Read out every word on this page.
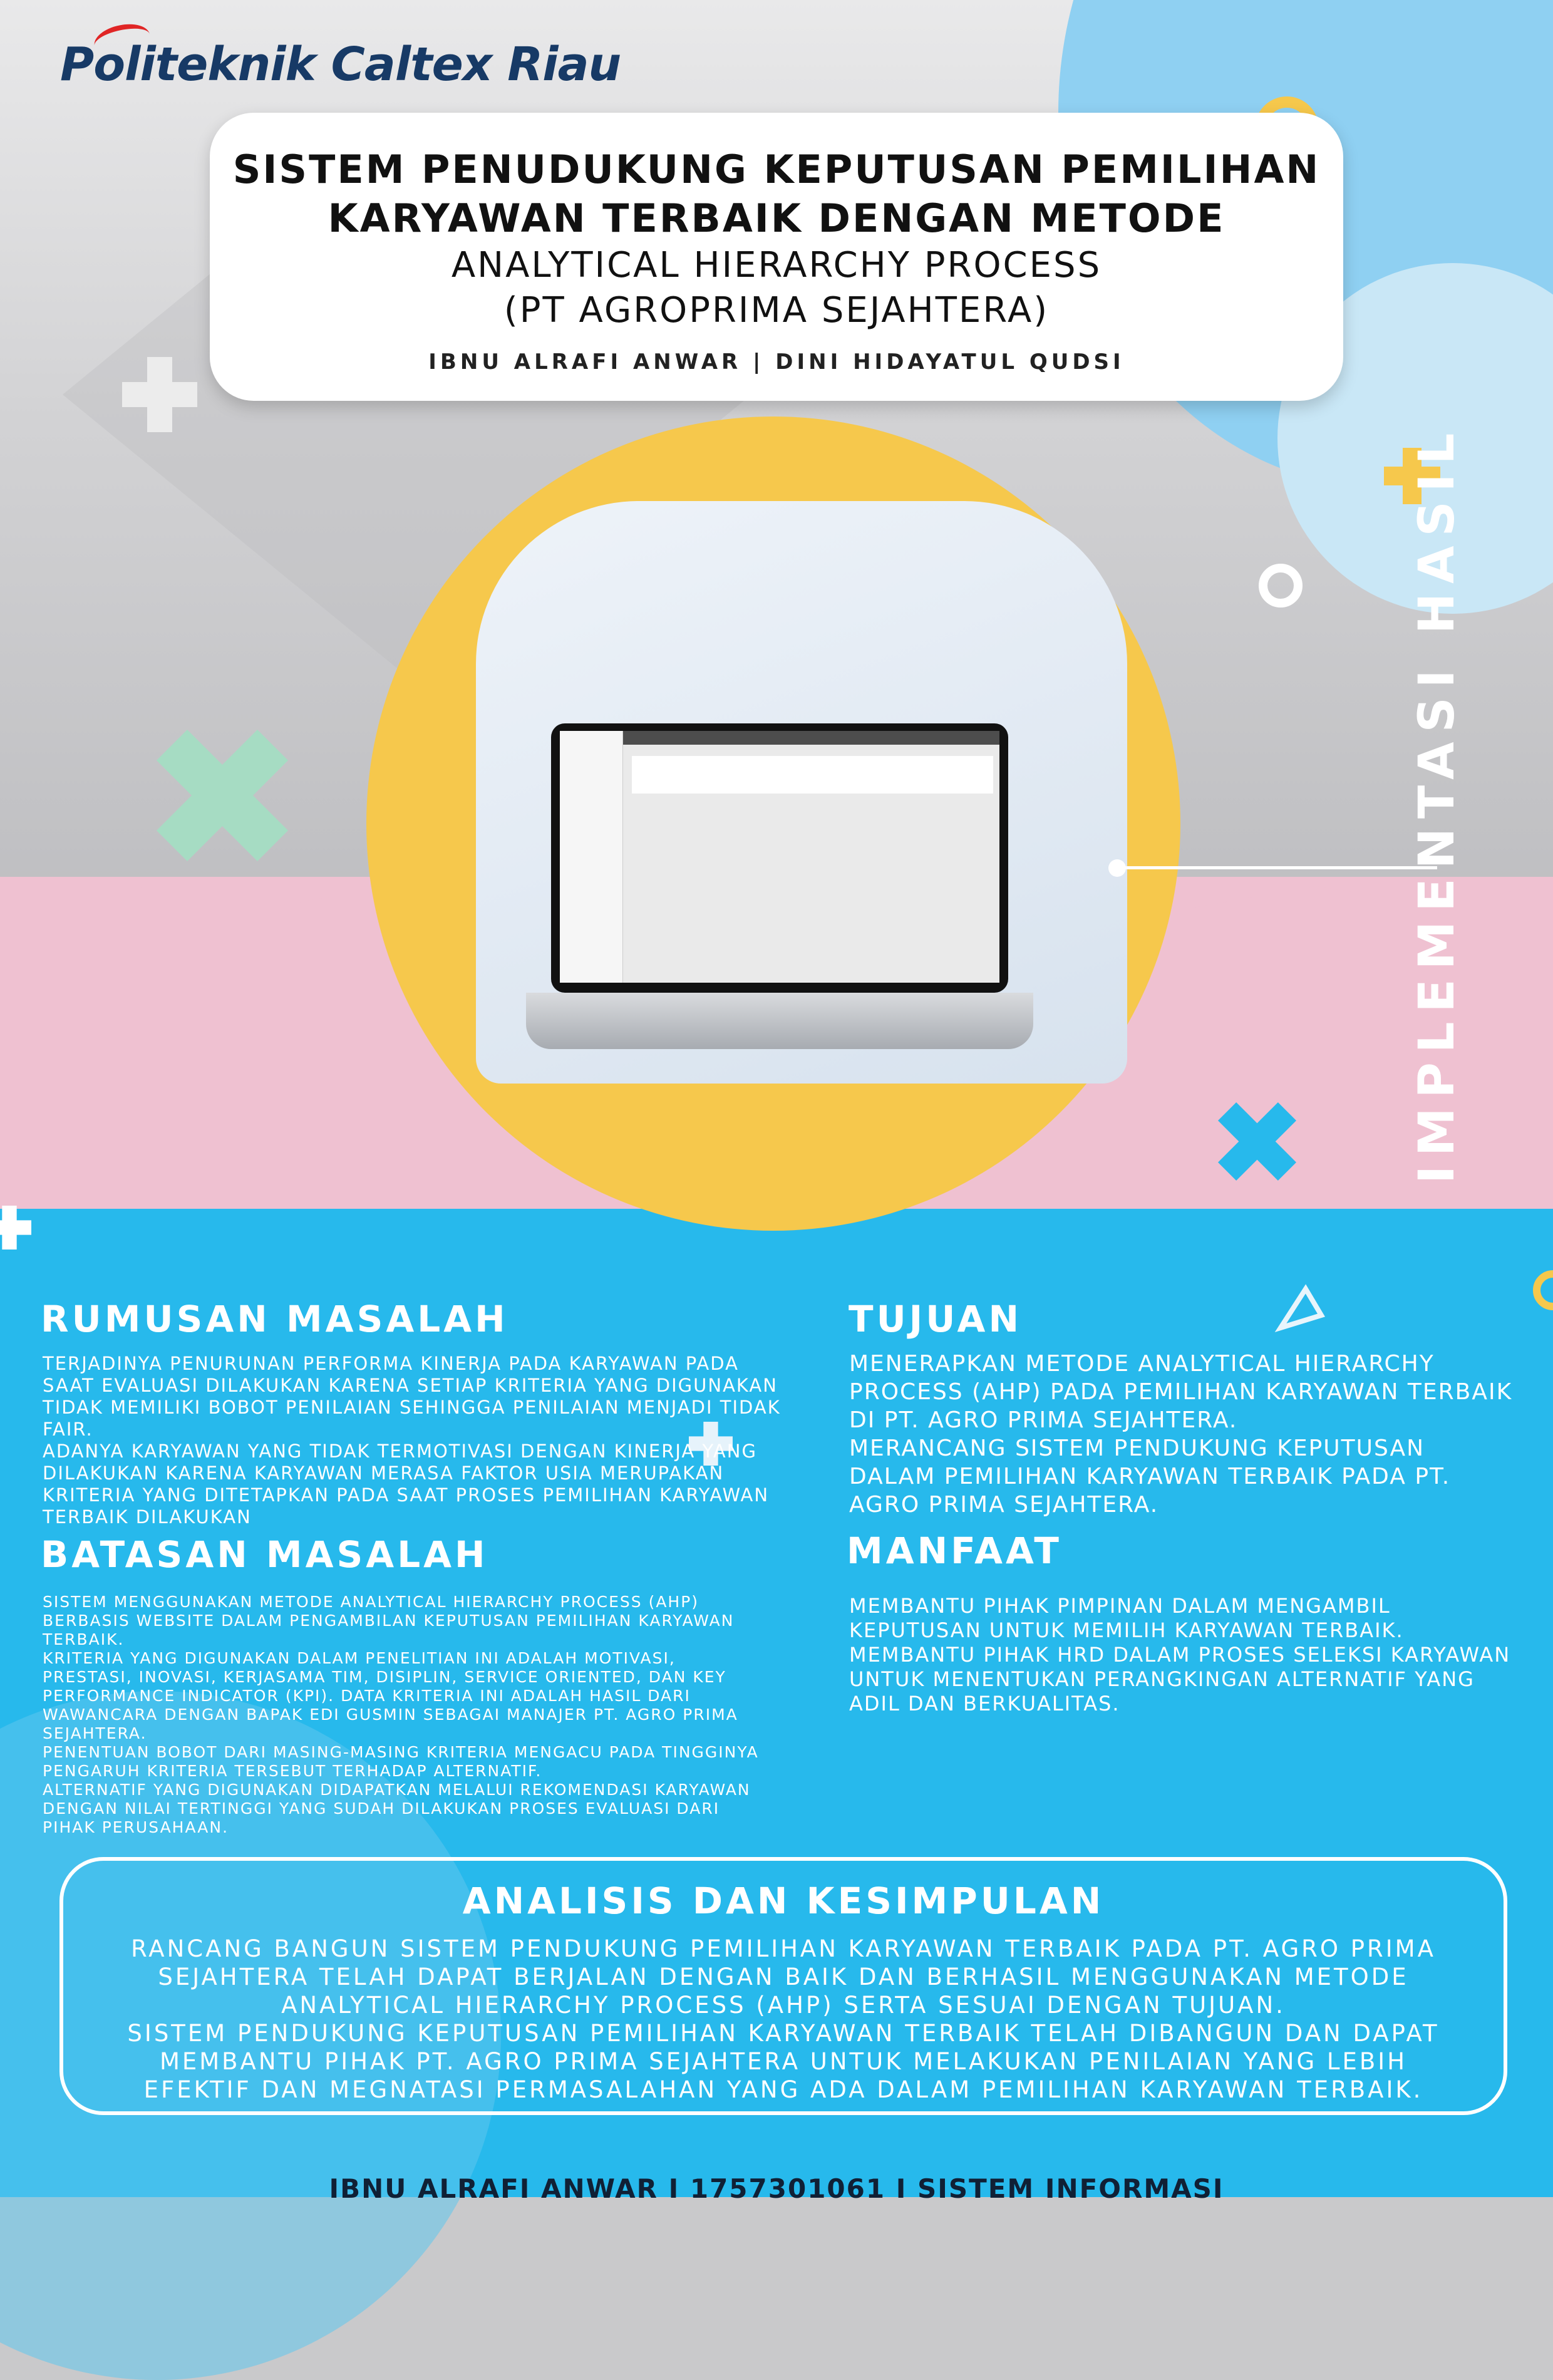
Politeknik Caltex Riau
SISTEM PENUDUKUNG KEPUTUSAN PEMILIHAN
KARYAWAN TERBAIK DENGAN METODE
ANALYTICAL HIERARCHY PROCESS
(PT AGROPRIMA SEJAHTERA)
IBNU ALRAFI ANWAR | DINI HIDAYATUL QUDSI
IMPLEMENTASI HASIL
RUMUSAN MASALAH
TERJADINYA PENURUNAN PERFORMA KINERJA PADA KARYAWAN PADA SAAT EVALUASI DILAKUKAN KARENA SETIAP KRITERIA YANG DIGUNAKAN TIDAK MEMILIKI BOBOT PENILAIAN SEHINGGA PENILAIAN MENJADI TIDAK FAIR.
ADANYA KARYAWAN YANG TIDAK TERMOTIVASI DENGAN KINERJA YANG DILAKUKAN KARENA KARYAWAN MERASA FAKTOR USIA MERUPAKAN KRITERIA YANG DITETAPKAN PADA SAAT PROSES PEMILIHAN KARYAWAN TERBAIK DILAKUKAN
BATASAN MASALAH
SISTEM MENGGUNAKAN METODE ANALYTICAL HIERARCHY PROCESS (AHP) BERBASIS WEBSITE DALAM PENGAMBILAN KEPUTUSAN PEMILIHAN KARYAWAN TERBAIK.
KRITERIA YANG DIGUNAKAN DALAM PENELITIAN INI ADALAH MOTIVASI, PRESTASI, INOVASI, KERJASAMA TIM, DISIPLIN, SERVICE ORIENTED, DAN KEY PERFORMANCE INDICATOR (KPI). DATA KRITERIA INI ADALAH HASIL DARI WAWANCARA DENGAN BAPAK EDI GUSMIN SEBAGAI MANAJER PT. AGRO PRIMA SEJAHTERA.
PENENTUAN BOBOT DARI MASING-MASING KRITERIA MENGACU PADA TINGGINYA PENGARUH KRITERIA TERSEBUT TERHADAP ALTERNATIF.
ALTERNATIF YANG DIGUNAKAN DIDAPATKAN MELALUI REKOMENDASI KARYAWAN DENGAN NILAI TERTINGGI YANG SUDAH DILAKUKAN PROSES EVALUASI DARI PIHAK PERUSAHAAN.
TUJUAN
MENERAPKAN METODE ANALYTICAL HIERARCHY PROCESS (AHP) PADA PEMILIHAN KARYAWAN TERBAIK DI PT. AGRO PRIMA SEJAHTERA.
MERANCANG SISTEM PENDUKUNG KEPUTUSAN DALAM PEMILIHAN KARYAWAN TERBAIK PADA PT. AGRO PRIMA SEJAHTERA.
MANFAAT
MEMBANTU PIHAK PIMPINAN DALAM MENGAMBIL KEPUTUSAN UNTUK MEMILIH KARYAWAN TERBAIK.
MEMBANTU PIHAK HRD DALAM PROSES SELEKSI KARYAWAN UNTUK MENENTUKAN PERANGKINGAN ALTERNATIF YANG ADIL DAN BERKUALITAS.
ANALISIS DAN KESIMPULAN
RANCANG BANGUN SISTEM PENDUKUNG PEMILIHAN KARYAWAN TERBAIK PADA PT. AGRO PRIMA SEJAHTERA TELAH DAPAT BERJALAN DENGAN BAIK DAN BERHASIL MENGGUNAKAN METODE ANALYTICAL HIERARCHY PROCESS (AHP) SERTA SESUAI DENGAN TUJUAN.
SISTEM PENDUKUNG KEPUTUSAN PEMILIHAN KARYAWAN TERBAIK TELAH DIBANGUN DAN DAPAT MEMBANTU PIHAK PT. AGRO PRIMA SEJAHTERA UNTUK MELAKUKAN PENILAIAN YANG LEBIH EFEKTIF DAN MEGNATASI PERMASALAHAN YANG ADA DALAM PEMILIHAN KARYAWAN TERBAIK.
IBNU ALRAFI ANWAR I 1757301061 I SISTEM INFORMASI
